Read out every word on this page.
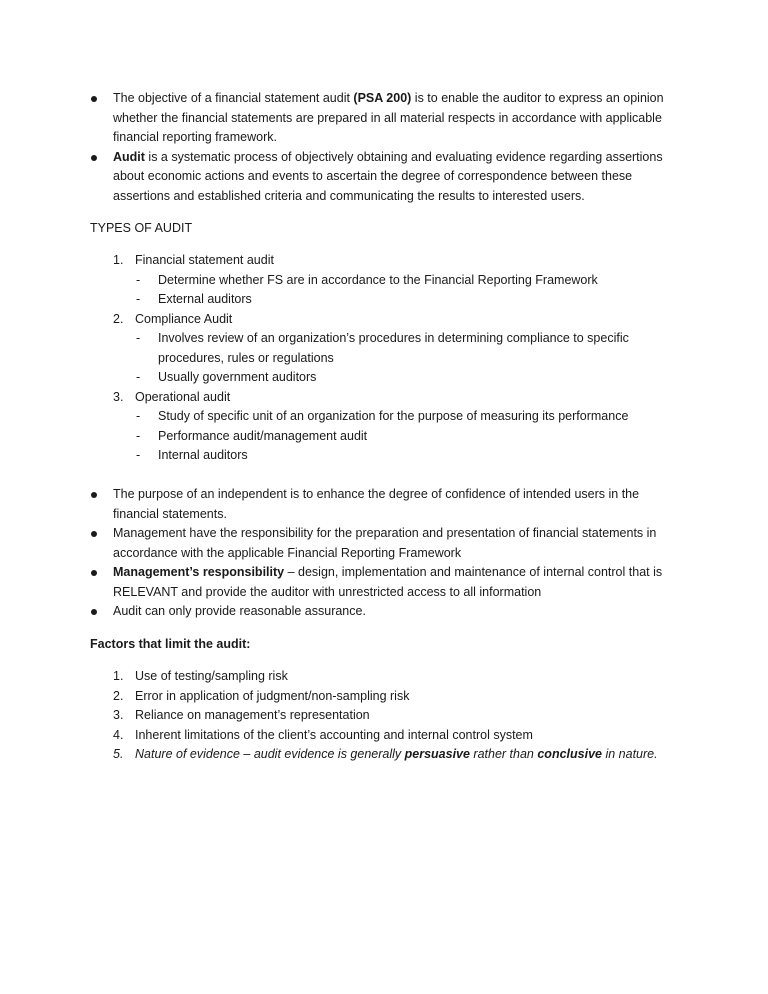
The objective of a financial statement audit (PSA 200) is to enable the auditor to express an opinion
whether the financial statements are prepared in all material respects in accordance with applicable
financial reporting framework.
Audit is a systematic process of objectively obtaining and evaluating evidence regarding assertions
about economic actions and events to ascertain the degree of correspondence between these
assertions and established criteria and communicating the results to interested users.
TYPES OF AUDIT
1. Financial statement audit
- Determine whether FS are in accordance to the Financial Reporting Framework
- External auditors
2. Compliance Audit
- Involves review of an organization’s procedures in determining compliance to specific
procedures, rules or regulations
- Usually government auditors
3. Operational audit
- Study of specific unit of an organization for the purpose of measuring its performance
- Performance audit/management audit
- Internal auditors
The purpose of an independent is to enhance the degree of confidence of intended users in the
financial statements.
Management have the responsibility for the preparation and presentation of financial statements in
accordance with the applicable Financial Reporting Framework
Management’s responsibility – design, implementation and maintenance of internal control that is
RELEVANT and provide the auditor with unrestricted access to all information
Audit can only provide reasonable assurance.
Factors that limit the audit:
1. Use of testing/sampling risk
2. Error in application of judgment/non-sampling risk
3. Reliance on management’s representation
4. Inherent limitations of the client’s accounting and internal control system
5. Nature of evidence – audit evidence is generally persuasive rather than conclusive in nature.
